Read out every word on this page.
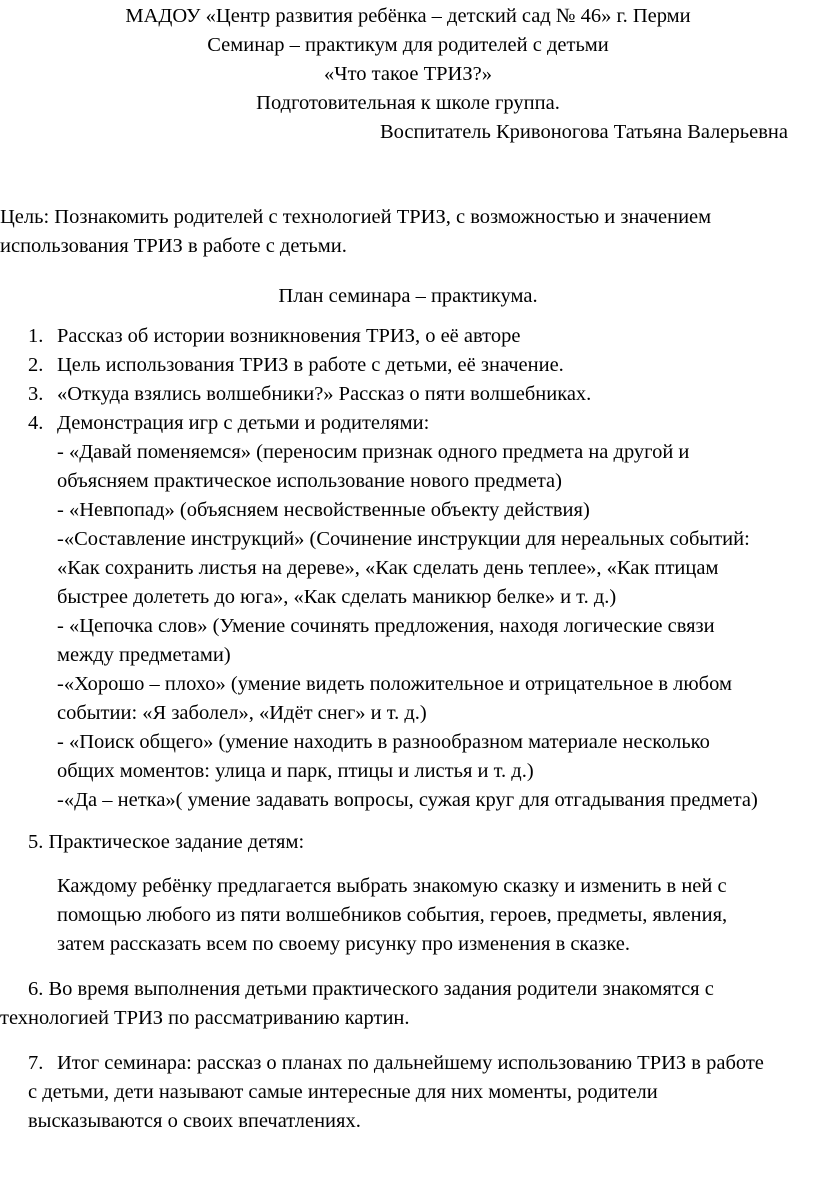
МАДОУ «Центр развития ребёнка – детский сад № 46» г. Перми
Семинар – практикум для родителей с детьми
«Что такое ТРИЗ?»
Подготовительная к школе группа.
Воспитатель Кривоногова Татьяна Валерьевна
Цель: Познакомить родителей с технологией ТРИЗ, с возможностью и значением
использования ТРИЗ в работе с детьми.
План семинара – практикума.
1. Рассказ об истории возникновения ТРИЗ, о её авторе
2. Цель использования ТРИЗ в работе с детьми, её значение.
3. «Откуда взялись волшебники?» Рассказ о пяти волшебниках.
4. Демонстрация игр с детьми и родителями:
- «Давай поменяемся» (переносим признак одного предмета на другой и
объясняем практическое использование нового предмета)
- «Невпопад» (объясняем несвойственные объекту действия)
-«Составление инструкций» (Сочинение инструкции для нереальных событий:
«Как сохранить листья на дереве», «Как сделать день теплее», «Как птицам
быстрее долететь до юга», «Как сделать маникюр белке» и т. д.)
- «Цепочка слов» (Умение сочинять предложения, находя логические связи
между предметами)
-«Хорошо – плохо» (умение видеть положительное и отрицательное в любом
событии: «Я заболел», «Идёт снег» и т. д.)
- «Поиск общего» (умение находить в разнообразном материале несколько
общих моментов: улица и парк, птицы и листья и т. д.)
-«Да – нетка»( умение задавать вопросы, сужая круг для отгадывания предмета)
5. Практическое задание детям:
Каждому ребёнку предлагается выбрать знакомую сказку и изменить в ней с
помощью любого из пяти волшебников события, героев, предметы, явления,
затем рассказать всем по своему рисунку про изменения в сказке.
6. Во время выполнения детьми практического задания родители знакомятся с
технологией ТРИЗ по рассматриванию картин.
7. Итог семинара: рассказ о планах по дальнейшему использованию ТРИЗ в работе
с детьми, дети называют самые интересные для них моменты, родители
высказываются о своих впечатлениях.
